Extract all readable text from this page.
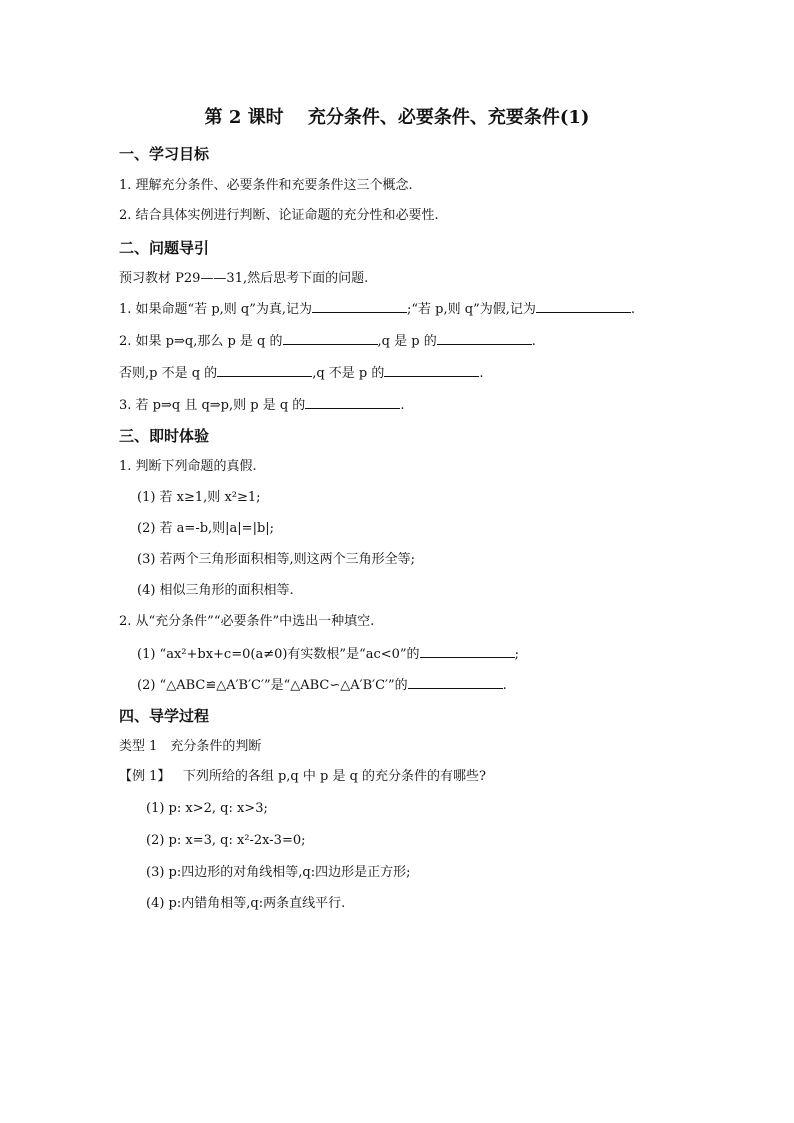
第 2 课时　 充分条件、必要条件、充要条件(1)
一、学习目标
1. 理解充分条件、必要条件和充要条件这三个概念.
2. 结合具体实例进行判断、论证命题的充分性和必要性.
二、问题导引
预习教材 P29——31,然后思考下面的问题.
1. 如果命题“若 p,则 q”为真,记为	;“若 p,则 q”为假,记为	.
2. 如果 p⇒q,那么 p 是 q 的	,q 是 p 的	.
否则,p 不是 q 的	,q 不是 p 的	.
3. 若 p⇒q 且 q⇒p,则 p 是 q 的	.
三、即时体验
1. 判断下列命题的真假.
(1) 若 x≥1,则 x²≥1;
(2) 若 a=-b,则|a|=|b|;
(3) 若两个三角形面积相等,则这两个三角形全等;
(4) 相似三角形的面积相等.
2. 从“充分条件”“必要条件”中选出一种填空.
(1) “ax²+bx+c=0(a≠0)有实数根”是“ac<0”的	;
(2) “△ABC≌△A′B′C′”是“△ABC∽△A′B′C′”的	.
四、导学过程
类型 1　充分条件的判断
【例 1】 下列所给的各组 p,q 中 p 是 q 的充分条件的有哪些?
(1) p: x>2, q: x>3;
(2) p: x=3, q: x²-2x-3=0;
(3) p:四边形的对角线相等,q:四边形是正方形;
(4) p:内错角相等,q:两条直线平行.
